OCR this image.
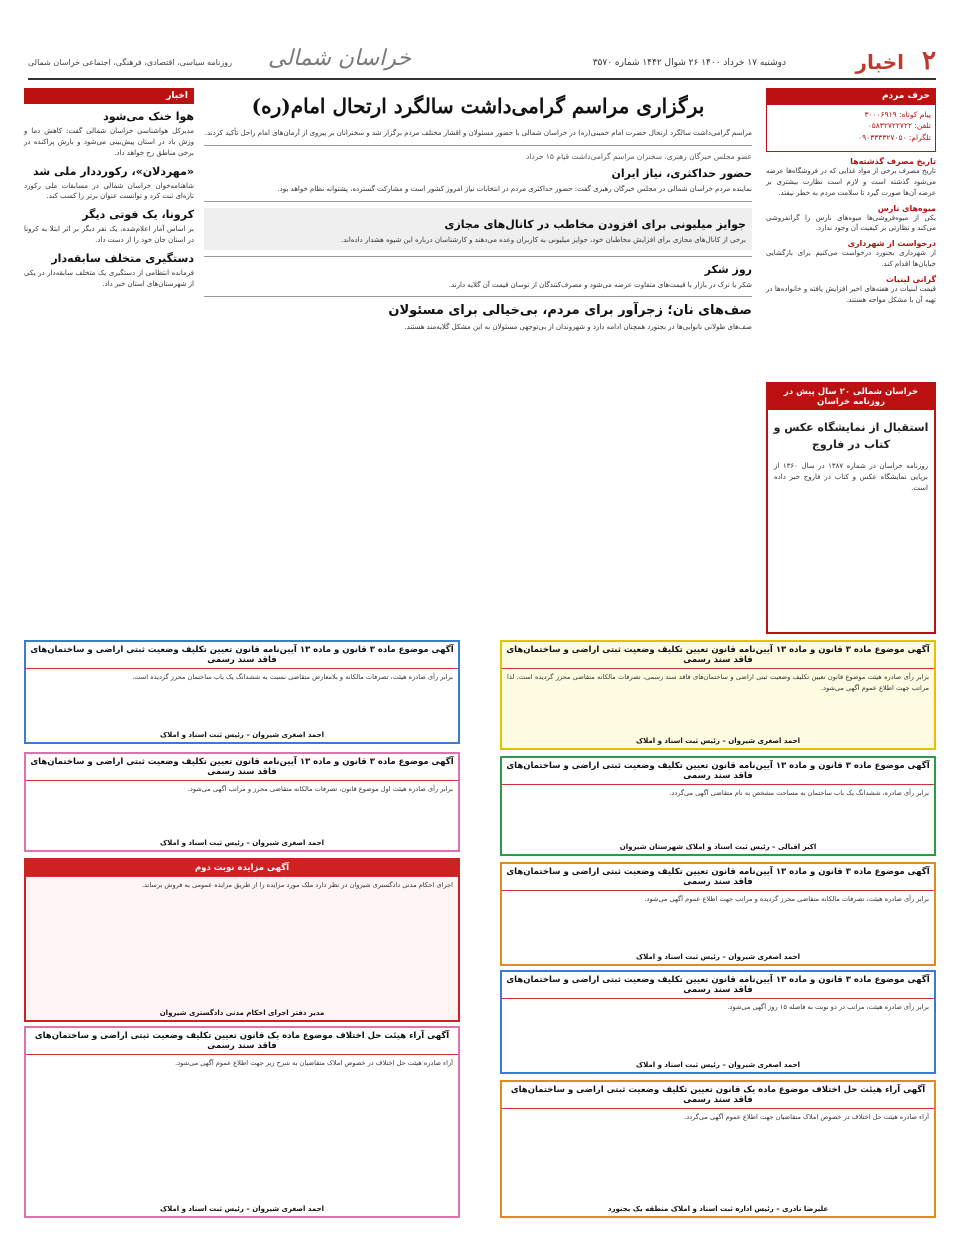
۲
اخبار
دوشنبه ۱۷ خرداد ۱۴۰۰ ۲۶ شوال ۱۴۴۲ شماره ۳۵۷۰
خراسان شمالی
روزنامه سیاسی، اقتصادی، فرهنگی، اجتماعی خراسان شمالی
حرف مردم
پیام کوتاه: ۳۰۰۰۶۹۱۹
تلفن: ۰۵۸۳۲۷۲۲۷۲۲
تلگرام: ۰۹۰۳۳۳۳۲۷۰۵۰
تاریخ مصرف گذشته‌ها
تاریخ مصرف برخی از مواد غذایی که در فروشگاه‌ها عرضه می‌شود گذشته است و لازم است نظارت بیشتری بر عرضه آن‌ها صورت گیرد تا سلامت مردم به خطر نیفتد.
میوه‌های نارس
یکی از میوه‌فروشی‌ها میوه‌های نارس را گرانفروشی می‌کند و نظارتی بر کیفیت آن وجود ندارد.
درخواست از شهرداری
از شهرداری بجنورد درخواست می‌کنیم برای بازگشایی خیابان‌ها اقدام کند.
گرانی لبنیات
قیمت لبنیات در هفته‌های اخیر افزایش یافته و خانواده‌ها در تهیه آن با مشکل مواجه هستند.
خراسان شمالی ۲۰ سال پیش در روزنامه خراسان
استقبال از نمایشگاه عکس و کتاب در فاروج
روزنامه خراسان در شماره ۱۳۸۷ در سال ۱۳۶۰ از برپایی نمایشگاه عکس و کتاب در فاروج خبر داده است.
اخبار
هوا خنک می‌شود
مدیرکل هواشناسی خراسان شمالی گفت: کاهش دما و وزش باد در استان پیش‌بینی می‌شود و بارش پراکنده در برخی مناطق رخ خواهد داد.
«مهردلان»، رکورددار ملی شد
شاهنامه‌خوان خراسان شمالی در مسابقات ملی رکورد تازه‌ای ثبت کرد و توانست عنوان برتر را کسب کند.
کرونا، یک فوتی دیگر
بر اساس آمار اعلام‌شده، یک نفر دیگر بر اثر ابتلا به کرونا در استان جان خود را از دست داد.
دستگیری متخلف سابقه‌دار
فرمانده انتظامی از دستگیری یک متخلف سابقه‌دار در یکی از شهرستان‌های استان خبر داد.
برگزاری مراسم گرامی‌داشت سالگرد ارتحال امام(ره)
مراسم گرامی‌داشت سالگرد ارتحال حضرت امام خمینی(ره) در خراسان شمالی با حضور مسئولان و اقشار مختلف مردم برگزار شد و سخنرانان بر پیروی از آرمان‌های امام راحل تأکید کردند.
عضو مجلس خبرگان رهبری، سخنران مراسم گرامی‌داشت قیام ۱۵ خرداد
حضور حداکثری، نیاز ایران
نماینده مردم خراسان شمالی در مجلس خبرگان رهبری گفت: حضور حداکثری مردم در انتخابات نیاز امروز کشور است و مشارکت گسترده، پشتوانه نظام خواهد بود.
جوایز میلیونی برای افزودن مخاطب در کانال‌های مجازی
برخی از کانال‌های مجازی برای افزایش مخاطبان خود، جوایز میلیونی به کاربران وعده می‌دهند و کارشناسان درباره این شیوه هشدار داده‌اند.
روز شکر
شکر یا ترک در بازار با قیمت‌های متفاوت عرضه می‌شود و مصرف‌کنندگان از نوسان قیمت آن گلایه دارند.
صف‌های نان؛ زجرآور برای مردم، بی‌خیالی برای مسئولان
صف‌های طولانی نانوایی‌ها در بجنورد همچنان ادامه دارد و شهروندان از بی‌توجهی مسئولان به این مشکل گلایه‌مند هستند.
آگهی موضوع ماده ۳ قانون و ماده ۱۳ آیین‌نامه قانون تعیین تکلیف وضعیت ثبتی اراضی و ساختمان‌های فاقد سند رسمی
برابر رأی صادره هیئت موضوع قانون تعیین تکلیف وضعیت ثبتی اراضی و ساختمان‌های فاقد سند رسمی، تصرفات مالکانه متقاضی محرز گردیده است. لذا مراتب جهت اطلاع عموم آگهی می‌شود.
احمد اصغری شیروان – رئیس ثبت اسناد و املاک
آگهی موضوع ماده ۳ قانون و ماده ۱۳ آیین‌نامه قانون تعیین تکلیف وضعیت ثبتی اراضی و ساختمان‌های فاقد سند رسمی
برابر رأی صادره هیئت، تصرفات مالکانه و بلامعارض متقاضی نسبت به ششدانگ یک باب ساختمان محرز گردیده است.
احمد اصغری شیروان – رئیس ثبت اسناد و املاک
آگهی موضوع ماده ۳ قانون و ماده ۱۳ آیین‌نامه قانون تعیین تکلیف وضعیت ثبتی اراضی و ساختمان‌های فاقد سند رسمی
برابر رأی صادره هیئت اول موضوع قانون، تصرفات مالکانه متقاضی محرز و مراتب آگهی می‌شود.
احمد اصغری شیروان – رئیس ثبت اسناد و املاک
آگهی موضوع ماده ۳ قانون و ماده ۱۳ آیین‌نامه قانون تعیین تکلیف وضعیت ثبتی اراضی و ساختمان‌های فاقد سند رسمی
برابر رأی صادره، ششدانگ یک باب ساختمان به مساحت مشخص به نام متقاضی آگهی می‌گردد.
اکبر اقبالی – رئیس ثبت اسناد و املاک شهرستان شیروان
آگهی مزایده نوبت دوم
اجرای احکام مدنی دادگستری شیروان در نظر دارد ملک مورد مزایده را از طریق مزایده عمومی به فروش برساند.
مدیر دفتر اجرای احکام مدنی دادگستری شیروان
آگهی موضوع ماده ۳ قانون و ماده ۱۳ آیین‌نامه قانون تعیین تکلیف وضعیت ثبتی اراضی و ساختمان‌های فاقد سند رسمی
برابر رأی صادره هیئت، تصرفات مالکانه متقاضی محرز گردیده و مراتب جهت اطلاع عموم آگهی می‌شود.
احمد اصغری شیروان – رئیس ثبت اسناد و املاک
آگهی موضوع ماده ۳ قانون و ماده ۱۳ آیین‌نامه قانون تعیین تکلیف وضعیت ثبتی اراضی و ساختمان‌های فاقد سند رسمی
برابر رأی صادره هیئت، مراتب در دو نوبت به فاصله ۱۵ روز آگهی می‌شود.
احمد اصغری شیروان – رئیس ثبت اسناد و املاک
آگهی آراء هیئت حل اختلاف موضوع ماده یک قانون تعیین تکلیف وضعیت ثبتی اراضی و ساختمان‌های فاقد سند رسمی
آراء صادره هیئت حل اختلاف در خصوص املاک متقاضیان به شرح زیر جهت اطلاع عموم آگهی می‌شود.
احمد اصغری شیروان – رئیس ثبت اسناد و املاک
آگهی آراء هیئت حل اختلاف موضوع ماده یک قانون تعیین تکلیف وضعیت ثبتی اراضی و ساختمان‌های فاقد سند رسمی
آراء صادره هیئت حل اختلاف در خصوص املاک متقاضیان جهت اطلاع عموم آگهی می‌گردد.
علیرضا نادری – رئیس اداره ثبت اسناد و املاک منطقه یک بجنورد
